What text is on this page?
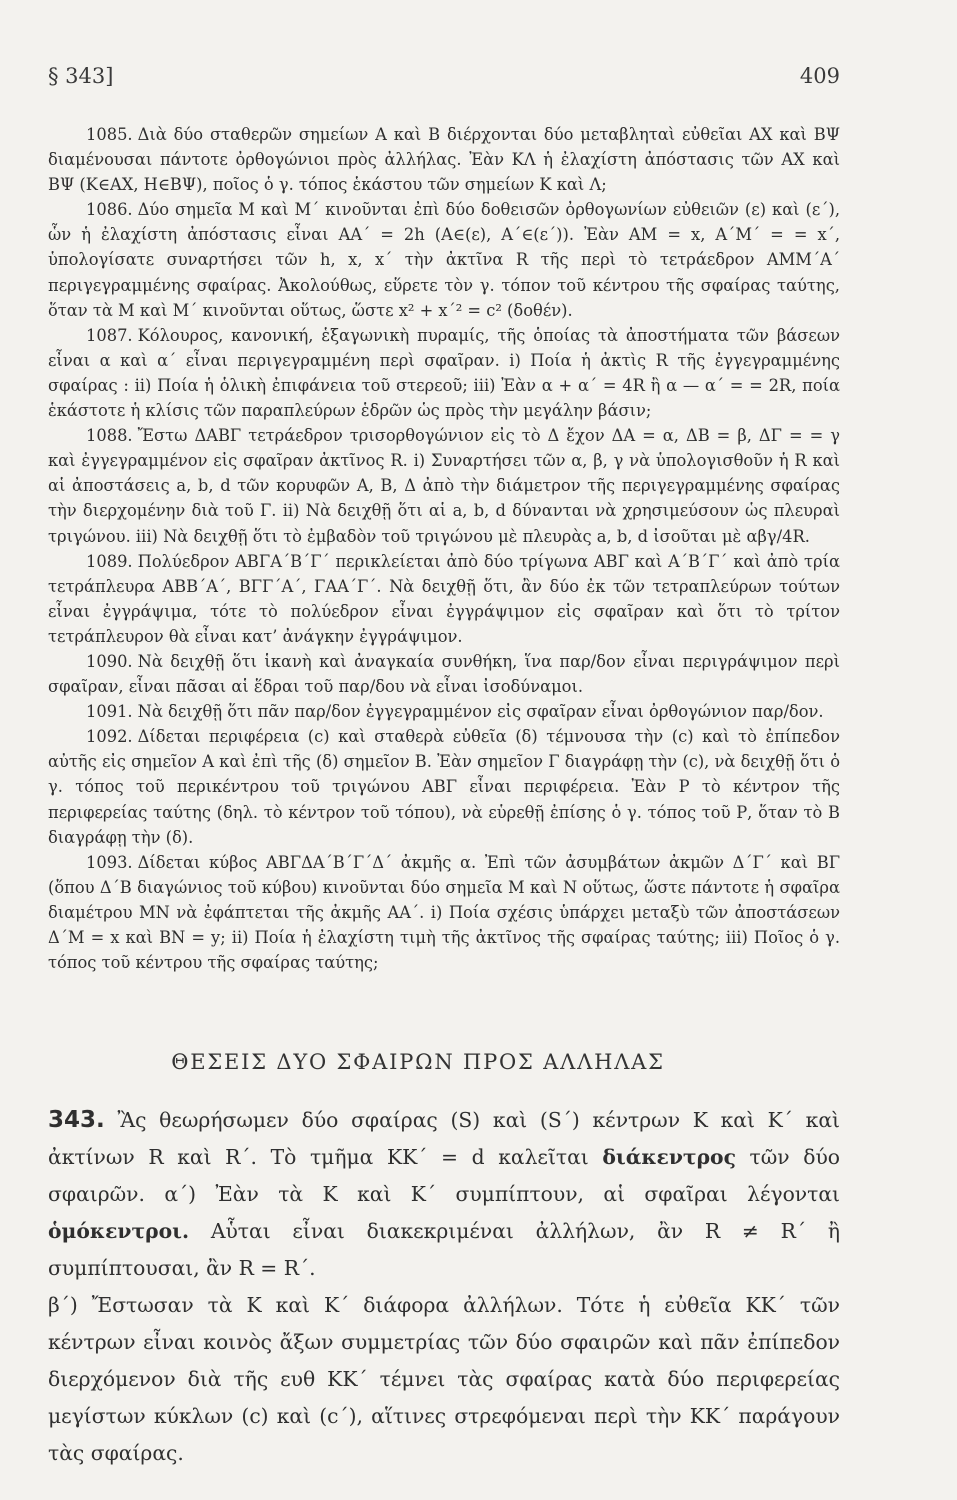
§ 343]	409

1085. Διὰ δύο σταθερῶν σημείων Α καὶ Β διέρχονται δύο μεταβληταὶ εὐθεῖαι ΑΧ καὶ ΒΨ διαμένουσαι πάντοτε ὀρθογώνιοι πρὸς ἀλλήλας. Ἐὰν ΚΛ ἡ ἐλαχίστη ἀπόστασις τῶν ΑΧ καὶ ΒΨ (Κ∈ΑΧ, Η∈ΒΨ), ποῖος ὁ γ. τόπος ἑκάστου τῶν σημείων Κ καὶ Λ;

1086. Δύο σημεῖα Μ καὶ Μ΄ κινοῦνται ἐπὶ δύο δοθεισῶν ὀρθογωνίων εὐθειῶν (ε) καὶ (ε΄), ὧν ἡ ἐλαχίστη ἀπόστασις εἶναι ΑΑ΄ = 2h (Α∈(ε), Α΄∈(ε΄)). Ἐὰν ΑΜ = x, Α΄Μ΄ = = x΄, ὑπολογίσατε συναρτήσει τῶν h, x, x΄ τὴν ἀκτῖνα R τῆς περὶ τὸ τετράεδρον ΑΜΜ΄Α΄ περιγεγραμμένης σφαίρας. Ἀκολούθως, εὕρετε τὸν γ. τόπον τοῦ κέντρου τῆς σφαίρας ταύτης, ὅταν τὰ Μ καὶ Μ΄ κινοῦνται οὕτως, ὥστε x² + x΄² = c² (δοθέν).

1087. Κόλουρος, κανονική, ἑξαγωνικὴ πυραμίς, τῆς ὁποίας τὰ ἀποστήματα τῶν βάσεων εἶναι α καὶ α΄ εἶναι περιγεγραμμένη περὶ σφαῖραν. i) Ποία ἡ ἀκτὶς R τῆς ἐγγεγραμμένης σφαίρας : ii) Ποία ἡ ὁλικὴ ἐπιφάνεια τοῦ στερεοῦ; iii) Ἐὰν α + α΄ = 4R ἢ α — α΄ = = 2R, ποία ἑκάστοτε ἡ κλίσις τῶν παραπλεύρων ἑδρῶν ὡς πρὸς τὴν μεγάλην βάσιν;

1088. Ἔστω ΔΑΒΓ τετράεδρον τρισορθογώνιον εἰς τὸ Δ ἔχον ΔΑ = α, ΔΒ = β, ΔΓ = = γ καὶ ἐγγεγραμμένον εἰς σφαῖραν ἀκτῖνος R. i) Συναρτήσει τῶν α, β, γ νὰ ὑπολογισθοῦν ἡ R καὶ αἱ ἀποστάσεις a, b, d τῶν κορυφῶν Α, Β, Δ ἀπὸ τὴν διάμετρον τῆς περιγεγραμμένης σφαίρας τὴν διερχομένην διὰ τοῦ Γ. ii) Νὰ δειχθῇ ὅτι αἱ a, b, d δύνανται νὰ χρησιμεύσουν ὡς πλευραὶ τριγώνου. iii) Νὰ δειχθῇ ὅτι τὸ ἐμβαδὸν τοῦ τριγώνου μὲ πλευρὰς a, b, d ἰσοῦται μὲ αβγ/4R.

1089. Πολύεδρον ΑΒΓΑ΄Β΄Γ΄ περικλείεται ἀπὸ δύο τρίγωνα ΑΒΓ καὶ Α΄Β΄Γ΄ καὶ ἀπὸ τρία τετράπλευρα ΑΒΒ΄Α΄, ΒΓΓ΄Α΄, ΓΑΑ΄Γ΄. Νὰ δειχθῇ ὅτι, ἂν δύο ἐκ τῶν τετραπλεύρων τούτων εἶναι ἐγγράψιμα, τότε τὸ πολύεδρον εἶναι ἐγγράψιμον εἰς σφαῖραν καὶ ὅτι τὸ τρίτον τετράπλευρον θὰ εἶναι κατ’ ἀνάγκην ἐγγράψιμον.

1090. Νὰ δειχθῇ ὅτι ἱκανὴ καὶ ἀναγκαία συνθήκη, ἵνα παρ/δον εἶναι περιγράψιμον περὶ σφαῖραν, εἶναι πᾶσαι αἱ ἕδραι τοῦ παρ/δου νὰ εἶναι ἰσοδύναμοι.

1091. Νὰ δειχθῇ ὅτι πᾶν παρ/δον ἐγγεγραμμένον εἰς σφαῖραν εἶναι ὀρθογώνιον παρ/δον.

1092. Δίδεται περιφέρεια (c) καὶ σταθερὰ εὐθεῖα (δ) τέμνουσα τὴν (c) καὶ τὸ ἐπίπεδον αὐτῆς εἰς σημεῖον Α καὶ ἐπὶ τῆς (δ) σημεῖον Β. Ἐὰν σημεῖον Γ διαγράφῃ τὴν (c), νὰ δειχθῇ ὅτι ὁ γ. τόπος τοῦ περικέντρου τοῦ τριγώνου ΑΒΓ εἶναι περιφέρεια. Ἐὰν Ρ τὸ κέντρον τῆς περιφερείας ταύτης (δηλ. τὸ κέντρον τοῦ τόπου), νὰ εὑρεθῇ ἐπίσης ὁ γ. τόπος τοῦ Ρ, ὅταν τὸ Β διαγράφῃ τὴν (δ).

1093. Δίδεται κύβος ΑΒΓΔΑ΄Β΄Γ΄Δ΄ ἀκμῆς α. Ἐπὶ τῶν ἀσυμβάτων ἀκμῶν Δ΄Γ΄ καὶ ΒΓ (ὅπου Δ΄Β διαγώνιος τοῦ κύβου) κινοῦνται δύο σημεῖα Μ καὶ Ν οὕτως, ὥστε πάντοτε ἡ σφαῖρα διαμέτρου ΜΝ νὰ ἐφάπτεται τῆς ἀκμῆς ΑΑ΄. i) Ποία σχέσις ὑπάρχει μεταξὺ τῶν ἀποστάσεων Δ΄Μ = x καὶ ΒΝ = y; ii) Ποία ἡ ἐλαχίστη τιμὴ τῆς ἀκτῖνος τῆς σφαίρας ταύτης; iii) Ποῖος ὁ γ. τόπος τοῦ κέντρου τῆς σφαίρας ταύτης;

ΘΕΣΕΙΣ ΔΥΟ ΣΦΑΙΡΩΝ ΠΡΟΣ ΑΛΛΗΛΑΣ

343. Ἂς θεωρήσωμεν δύο σφαίρας (S) καὶ (S΄) κέντρων Κ καὶ Κ΄ καὶ ἀκτίνων R καὶ R΄. Τὸ τμῆμα ΚΚ΄ = d καλεῖται διάκεντρος τῶν δύο σφαιρῶν. α΄) Ἐὰν τὰ Κ καὶ Κ΄ συμπίπτουν, αἱ σφαῖραι λέγονται ὁμόκεντροι. Αὗται εἶναι διακεκριμέναι ἀλλήλων, ἂν R ≠ R΄ ἢ συμπίπτουσαι, ἂν R = R΄.

β΄) Ἔστωσαν τὰ Κ καὶ Κ΄ διάφορα ἀλλήλων. Τότε ἡ εὐθεῖα ΚΚ΄ τῶν κέντρων εἶναι κοινὸς ἄξων συμμετρίας τῶν δύο σφαιρῶν καὶ πᾶν ἐπίπεδον διερχόμενον διὰ τῆς ευθ ΚΚ΄ τέμνει τὰς σφαίρας κατὰ δύο περιφερείας μεγίστων κύκλων (c) καὶ (c΄), αἵτινες στρεφόμεναι περὶ τὴν ΚΚ΄ παράγουν τὰς σφαίρας.
